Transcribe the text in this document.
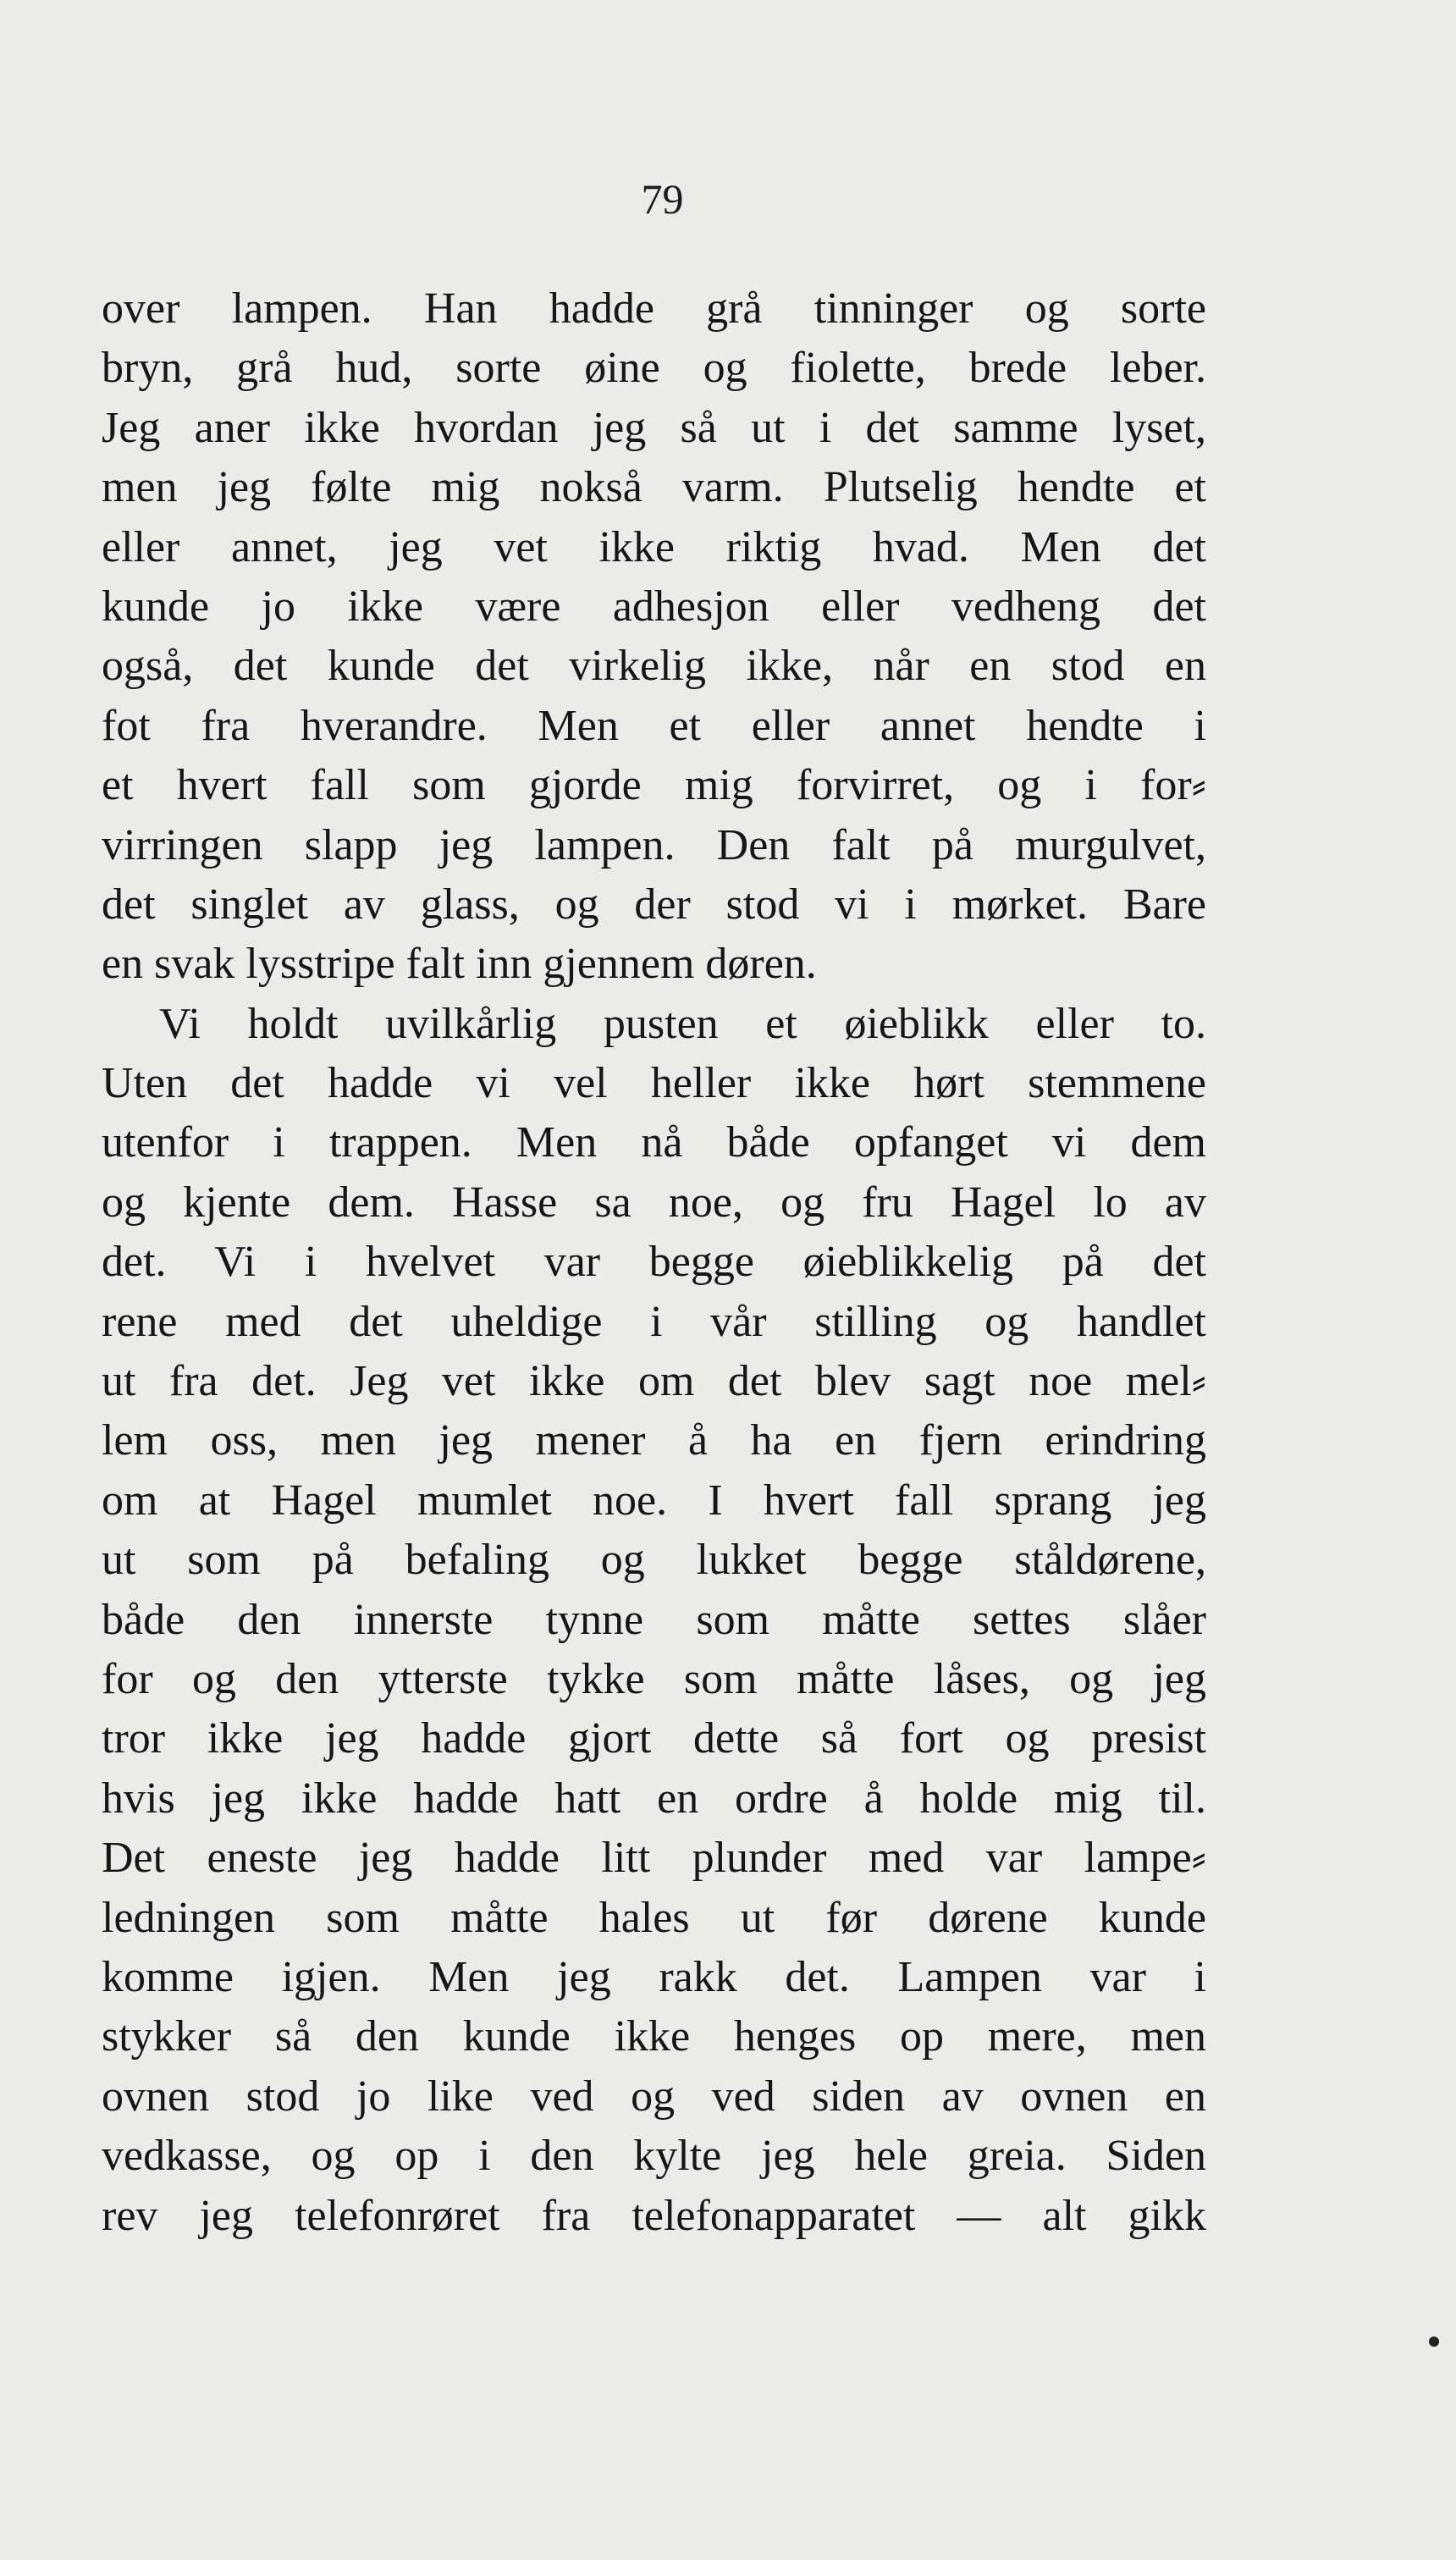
79
over lampen. Han hadde grå tinninger og sorte
bryn, grå hud, sorte øine og fiolette, brede leber.
Jeg aner ikke hvordan jeg så ut i det samme lyset,
men jeg følte mig nokså varm. Plutselig hendte et
eller annet, jeg vet ikke riktig hvad. Men det
kunde jo ikke være adhesjon eller vedheng det
også, det kunde det virkelig ikke, når en stod en
fot fra hverandre. Men et eller annet hendte i
et hvert fall som gjorde mig forvirret, og i for⸗
virringen slapp jeg lampen. Den falt på murgulvet,
det singlet av glass, og der stod vi i mørket. Bare
en svak lysstripe falt inn gjennem døren.
Vi holdt uvilkårlig pusten et øieblikk eller to.
Uten det hadde vi vel heller ikke hørt stemmene
utenfor i trappen. Men nå både opfanget vi dem
og kjente dem. Hasse sa noe, og fru Hagel lo av
det. Vi i hvelvet var begge øieblikkelig på det
rene med det uheldige i vår stilling og handlet
ut fra det. Jeg vet ikke om det blev sagt noe mel⸗
lem oss, men jeg mener å ha en fjern erindring
om at Hagel mumlet noe. I hvert fall sprang jeg
ut som på befaling og lukket begge ståldørene,
både den innerste tynne som måtte settes slåer
for og den ytterste tykke som måtte låses, og jeg
tror ikke jeg hadde gjort dette så fort og presist
hvis jeg ikke hadde hatt en ordre å holde mig til.
Det eneste jeg hadde litt plunder med var lampe⸗
ledningen som måtte hales ut før dørene kunde
komme igjen. Men jeg rakk det. Lampen var i
stykker så den kunde ikke henges op mere, men
ovnen stod jo like ved og ved siden av ovnen en
vedkasse, og op i den kylte jeg hele greia. Siden
rev jeg telefonrøret fra telefonapparatet — alt gikk
